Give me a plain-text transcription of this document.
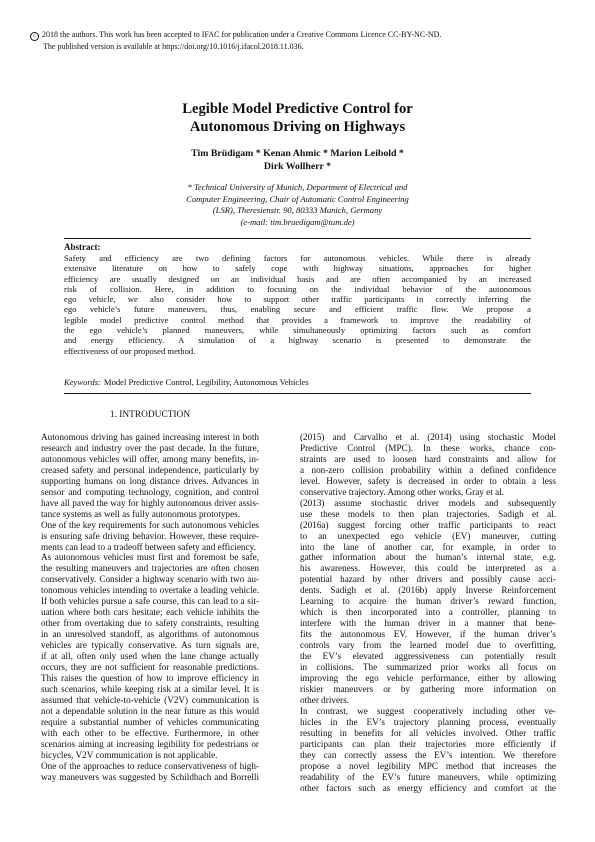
c 2018 the authors. This work has been accepted to IFAC for publication under a Creative Commons Licence CC-BY-NC-ND.
The published version is available at https://doi.org/10.1016/j.ifacol.2018.11.036.
Legible Model Predictive Control for
Autonomous Driving on Highways
Tim Brüdigam * Kenan Ahmic * Marion Leibold *
Dirk Wollherr *
* Technical University of Munich, Department of Electrical and
Computer Engineering, Chair of Automatic Control Engineering
(LSR), Theresienstr. 90, 80333 Munich, Germany
(e-mail: tim.bruedigam@tum.de)
Abstract:
Safety and efficiency are two defining factors for autonomous vehicles. While there is already
extensive literature on how to safely cope with highway situations, approaches for higher
efficiency are usually designed on an individual basis and are often accompanied by an increased
risk of collision. Here, in addition to focusing on the individual behavior of the autonomous
ego vehicle, we also consider how to support other traffic participants in correctly inferring the
ego vehicle’s future maneuvers, thus, enabling secure and efficient traffic flow. We propose a
legible model predictive control method that provides a framework to improve the readability of
the ego vehicle’s planned maneuvers, while simultaneously optimizing factors such as comfort
and energy efficiency. A simulation of a highway scenario is presented to demonstrate the
effectiveness of our proposed method.
Keywords: Model Predictive Control, Legibility, Autonomous Vehicles
1. INTRODUCTION
Autonomous driving has gained increasing interest in both
research and industry over the past decade. In the future,
autonomous vehicles will offer, among many benefits, in-
creased safety and personal independence, particularly by
supporting humans on long distance drives. Advances in
sensor and computing technology, cognition, and control
have all paved the way for highly autonomous driver assis-
tance systems as well as fully autonomous prototypes.
One of the key requirements for such autonomous vehicles
is ensuring safe driving behavior. However, these require-
ments can lead to a tradeoff between safety and efficiency.
As autonomous vehicles must first and foremost be safe,
the resulting maneuvers and trajectories are often chosen
conservatively. Consider a highway scenario with two au-
tonomous vehicles intending to overtake a leading vehicle.
If both vehicles pursue a safe course, this can lead to a sit-
uation where both cars hesitate; each vehicle inhibits the
other from overtaking due to safety constraints, resulting
in an unresolved standoff, as algorithms of autonomous
vehicles are typically conservative. As turn signals are,
if at all, often only used when the lane change actually
occurs, they are not sufficient for reasonable predictions.
This raises the question of how to improve efficiency in
such scenarios, while keeping risk at a similar level. It is
assumed that vehicle-to-vehicle (V2V) communication is
not a dependable solution in the near future as this would
require a substantial number of vehicles communicating
with each other to be effective. Furthermore, in other
scenarios aiming at increasing legibility for pedestrians or
bicycles, V2V communication is not applicable.
One of the approaches to reduce conservativeness of high-
way maneuvers was suggested by Schildbach and Borrelli
(2015) and Carvalho et al. (2014) using stochastic Model
Predictive Control (MPC). In these works, chance con-
straints are used to loosen hard constraints and allow for
a non-zero collision probability within a defined confidence
level. However, safety is decreased in order to obtain a less
conservative trajectory. Among other works, Gray et al.
(2013) assume stochastic driver models and subsequently
use these models to then plan trajectories. Sadigh et al.
(2016a) suggest forcing other traffic participants to react
to an unexpected ego vehicle (EV) maneuver, cutting
into the lane of another car, for example, in order to
gather information about the human’s internal state, e.g.
his awareness. However, this could be interpreted as a
potential hazard by other drivers and possibly cause acci-
dents. Sadigh et al. (2016b) apply Inverse Reinforcement
Learning to acquire the human driver’s reward function,
which is then incorporated into a controller, planning to
interfere with the human driver in a manner that bene-
fits the autonomous EV. However, if the human driver’s
controls vary from the learned model due to overfitting,
the EV’s elevated aggressiveness can potentially result
in collisions. The summarized prior works all focus on
improving the ego vehicle performance, either by allowing
riskier maneuvers or by gathering more information on
other drivers.
In contrast, we suggest cooperatively including other ve-
hicles in the EV’s trajectory planning process, eventually
resulting in benefits for all vehicles involved. Other traffic
participants can plan their trajectories more efficiently if
they can correctly assess the EV’s intention. We therefore
propose a novel legibility MPC method that increases the
readability of the EV’s future maneuvers, while optimizing
other factors such as energy efficiency and comfort at the
